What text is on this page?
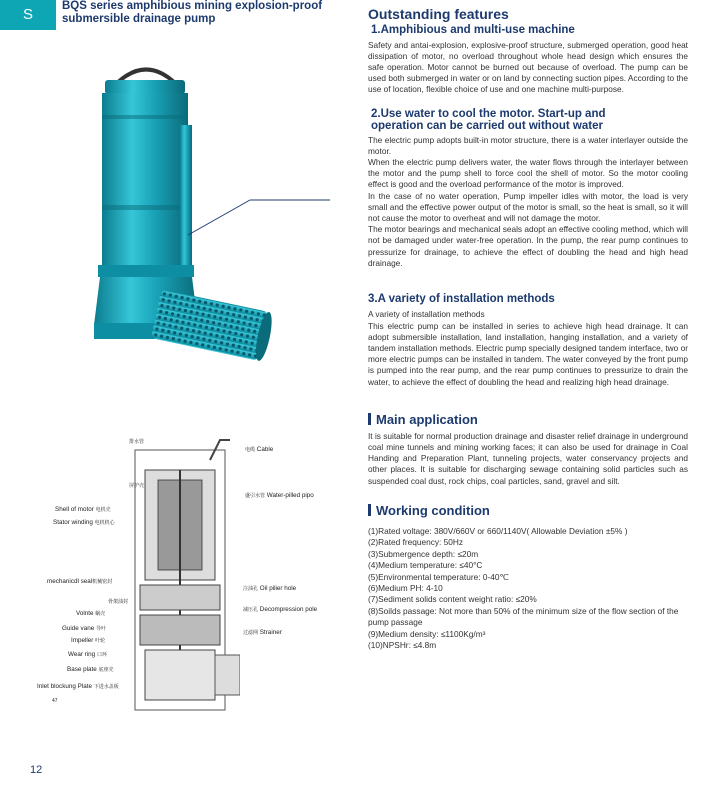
S	BQS series amphibious mining explosion-proof
submersible drainage pump
排水管
屏护壳
电缆 Cable
盛引水管 Water-pilled pipo
Shell of motor 电机壳
Stator winding 电机机心
mechanicdl seal机械密封
骨架油封
Volnte 蜗壳
Guide vane 导叶
Impeller 叶轮
Wear ring 口环
Base plate 底座壳
Inlet blockung Plate 下进水盖板
47
注油孔 Oil pilier hole
减压孔 Decompression pole
过滤网 Strainer
12
Outstanding features
1.Amphibious and multi-use machine
Safety and antai-explosion, explosive-proof structure, submerged operation, good heat dissipation of motor, no overload throughout whole head design which ensures the safe operation. Motor cannot be burned out because of overload. The pump can be used both submerged in water or on land by connecting suction pipes. According to the use of location, flexible choice of use and one machine multi-purpose.
2.Use water to cool the motor. Start-up and
operation can be carried out without water
The electric pump adopts built-in motor structure, there is a water interlayer outside the motor.
When the electric pump delivers water, the water flows through the interlayer between the motor and the pump shell to force cool the shell of motor. So the motor cooling effect is good and the overload performance of the motor is improved.
In the case of no water operation, Pump impeller idles with motor, the load is very small and the effective power output of the motor is small, so the heat is small, so it will not cause the motor to overheat and will not damage the motor.
The motor bearings and mechanical seals adopt an effective cooling method, which will not be damaged under water-free operation. In the pump, the rear pump continues to pressurize for drainage, to achieve the effect of doubling the head and high head drainage.
3.A variety of installation methods
A variety of installation methods
This electric pump can be installed in series to achieve high head drainage. It can adopt submersible installation, land installation, hanging installation, and a variety of tandem installation methods. Electric pump specially designed tandem interface, two or more electric pumps can be installed in tandem. The water conveyed by the front pump is pumped into the rear pump, and the rear pump continues to pressurize to drain the water, to achieve the effect of doubling the head and realizing high head drainage.
Main application
It is suitable for normal production drainage and disaster relief drainage in underground coal mine tunnels and mining working faces; it can also be used for drainage in Coal Handing and Preparation Plant, tunneling projects, water conservancy projects and other places. It is suitable for discharging sewage containing solid particles such as suspended coal dust, rock chips, coal particles, sand, gravel and silt.
Working condition
(1)Rated voltage: 380V/660V or 660/1140V( Allowable Deviation ±5% )
(2)Rated frequency: 50Hz
(3)Submergence depth: ≤20m
(4)Medium temperature: ≤40°C
(5)Environmental temperature: 0-40℃
(6)Medium PH: 4-10
(7)Sediment solids content weight ratio: ≤20%
(8)Soilds passage: Not more than 50% of the minimum size of the flow section of the pump passage
(9)Medium density: ≤1100Kg/m³
(10)NPSHr: ≤4.8m
